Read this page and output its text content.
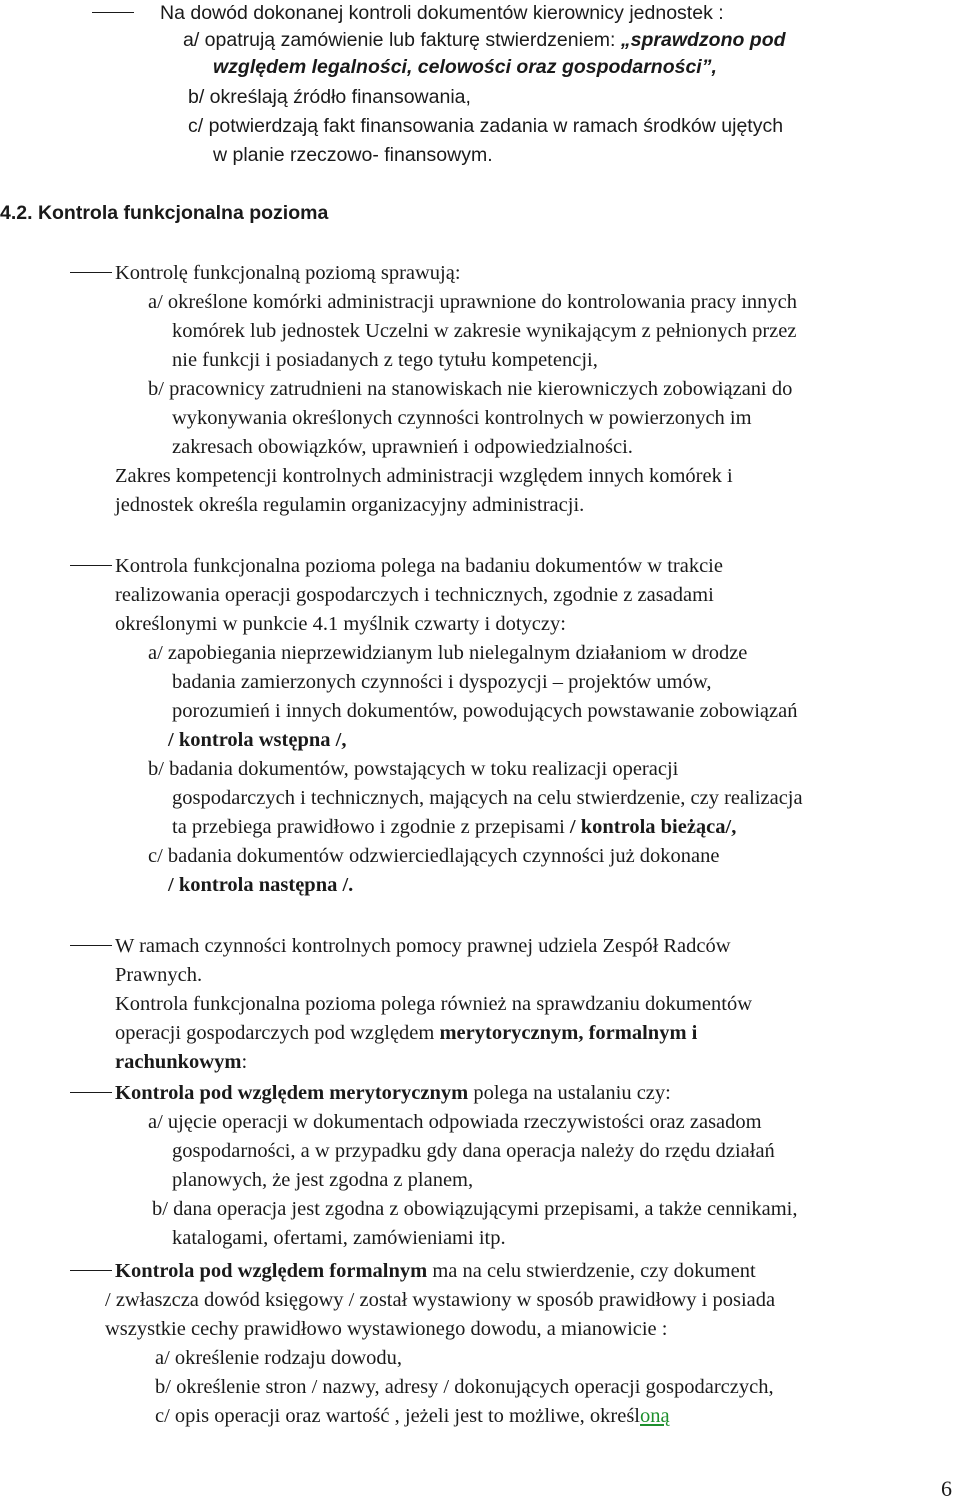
Na dowód dokonanej kontroli dokumentów kierownicy jednostek :
a/ opatrują zamówienie lub fakturę stwierdzeniem: „sprawdzono pod
względem legalności, celowości oraz gospodarności”,
b/ określają źródło finansowania,
c/ potwierdzają fakt finansowania zadania w ramach środków ujętych
w planie rzeczowo- finansowym.
4.2. Kontrola funkcjonalna pozioma
Kontrolę funkcjonalną poziomą sprawują:
a/ określone komórki administracji uprawnione do kontrolowania pracy innych
komórek lub jednostek Uczelni w zakresie wynikającym z pełnionych przez
nie funkcji i posiadanych z tego tytułu kompetencji,
b/ pracownicy zatrudnieni na stanowiskach nie kierowniczych zobowiązani do
wykonywania określonych czynności kontrolnych w powierzonych im
zakresach obowiązków, uprawnień i odpowiedzialności.
Zakres kompetencji kontrolnych administracji względem innych komórek i
jednostek określa regulamin organizacyjny administracji.
Kontrola funkcjonalna pozioma polega na badaniu dokumentów w trakcie
realizowania operacji gospodarczych i technicznych, zgodnie z zasadami
określonymi w punkcie 4.1 myślnik czwarty i dotyczy:
a/ zapobiegania nieprzewidzianym lub nielegalnym działaniom w drodze
badania zamierzonych czynności i dyspozycji – projektów umów,
porozumień i innych dokumentów, powodujących powstawanie zobowiązań
/ kontrola wstępna /,
b/ badania dokumentów, powstających w toku realizacji operacji
gospodarczych i technicznych, mających na celu stwierdzenie, czy realizacja
ta przebiega prawidłowo i zgodnie z przepisami / kontrola bieżąca/,
c/ badania dokumentów odzwierciedlających czynności już dokonane
/ kontrola następna /.
W ramach czynności kontrolnych pomocy prawnej udziela Zespół Radców
Prawnych.
Kontrola funkcjonalna pozioma polega również na sprawdzaniu dokumentów
operacji gospodarczych pod względem merytorycznym, formalnym i
rachunkowym:
Kontrola pod względem merytorycznym polega na ustalaniu czy:
a/ ujęcie operacji w dokumentach odpowiada rzeczywistości oraz zasadom
gospodarności, a w przypadku gdy dana operacja należy do rzędu działań
planowych, że jest zgodna z planem,
b/ dana operacja jest zgodna z obowiązującymi przepisami, a także cennikami,
katalogami, ofertami, zamówieniami itp.
Kontrola pod względem formalnym ma na celu stwierdzenie, czy dokument
/ zwłaszcza dowód księgowy / został wystawiony w sposób prawidłowy i posiada
wszystkie cechy prawidłowo wystawionego dowodu, a mianowicie :
a/ określenie rodzaju dowodu,
b/ określenie stron / nazwy, adresy / dokonujących operacji gospodarczych,
c/ opis operacji oraz wartość , jeżeli jest to możliwe, określoną
6
